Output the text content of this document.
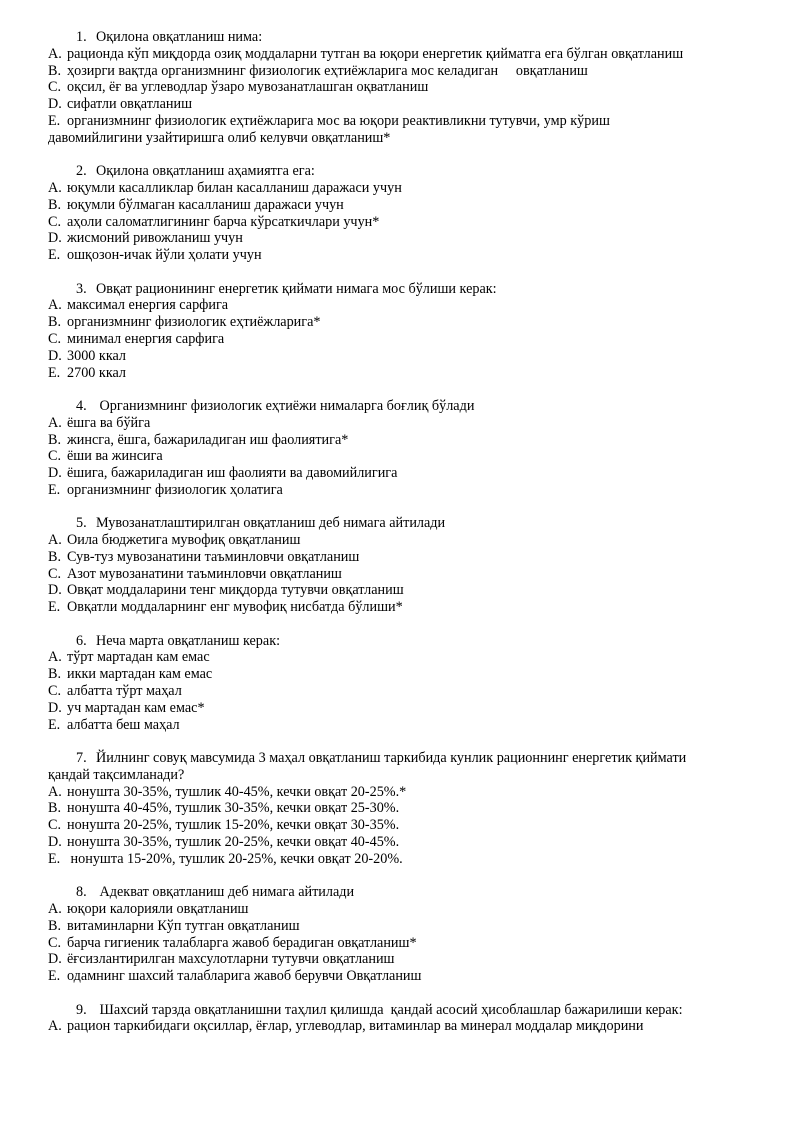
1. Оқилона овқатланиш нима:
A. рационда кўп миқдорда озиқ моддаларни тутган ва юқори енергетик қийматга ега бўлган овқатланиш
B. ҳозирги вақтда организмнинг физиологик еҳтиёжларига мос келадиган     овқатланиш
C. оқсил, ёғ ва углеводлар ўзаро мувозанатлашган оқватланиш
D. сифатли овқатланиш
E. организмнинг физиологик еҳтиёжларига мос ва юқори реактивликни тутувчи, умр кўриш
давомийлигини узайтиришга олиб келувчи овқатланиш*
2. Оқилона овқатланиш аҳамиятга ега:
A. юқумли касалликлар билан касалланиш даражаси учун
B. юқумли бўлмаган касалланиш даражаси учун
C. аҳоли саломатлигининг барча кўрсаткичлари учун*
D. жисмоний ривожланиш учун
E. ошқозон-ичак йўли ҳолати учун
3. Овқат рационининг енергетик қиймати нимага мос бўлиши керак:
A. максимал енергия сарфига
B. организмнинг физиологик еҳтиёжларига*
C. минимал енергия сарфига
D. 3000 ккал
E. 2700 ккал
4. Организмнинг физиологик еҳтиёжи нималарга боғлиқ бўлади
A. ёшга ва бўйга
B. жинсга, ёшга, бажариладиган иш фаолиятига*
C. ёши ва жинсига
D. ёшига, бажариладиган иш фаолияти ва давомийлигига
E. организмнинг физиологик ҳолатига
5. Мувозанатлаштирилган овқатланиш деб нимага айтилади
A. Оила бюджетига мувофиқ овқатланиш
B. Сув-туз мувозанатини таъминловчи овқатланиш
C. Азот мувозанатини таъминловчи овқатланиш
D. Овқат моддаларини тенг миқдорда тутувчи овқатланиш
E. Овқатли моддаларнинг енг мувофиқ нисбатда бўлиши*
6. Неча марта овқатланиш керак:
A. тўрт мартадан кам емас
B. икки мартадан кам емас
C. албатта тўрт маҳал
D. уч мартадан кам емас*
E. албатта беш маҳал
7. Йилнинг совуқ мавсумида 3 маҳал овқатланиш таркибида кунлик рационнинг енергетик қиймати
қандай тақсимланади?
A. нонушта 30-35%, тушлик 40-45%, кечки овқат 20-25%.*
B. нонушта 40-45%, тушлик 30-35%, кечки овқат 25-30%.
C. нонушта 20-25%, тушлик 15-20%, кечки овқат 30-35%.
D. нонушта 30-35%, тушлик 20-25%, кечки овқат 40-45%.
E. нонушта 15-20%, тушлик 20-25%, кечки овқат 20-20%.
8. Адекват овқатланиш деб нимага айтилади
A. юқори калорияли овқатланиш
B. витаминларни Кўп тутган овқатланиш
C. барча гигиеник талабларга жавоб берадиган овқатланиш*
D. ёғсизлантирилган махсулотларни тутувчи овқатланиш
E. одамнинг шахсий талабларига жавоб берувчи Овқатланиш
9. Шахсий тарзда овқатланишни таҳлил қилишда  қандай асосий ҳисоблашлар бажарилиши керак:
A. рацион таркибидаги оқсиллар, ёғлар, углеводлар, витаминлар ва минерал моддалар миқдорини
